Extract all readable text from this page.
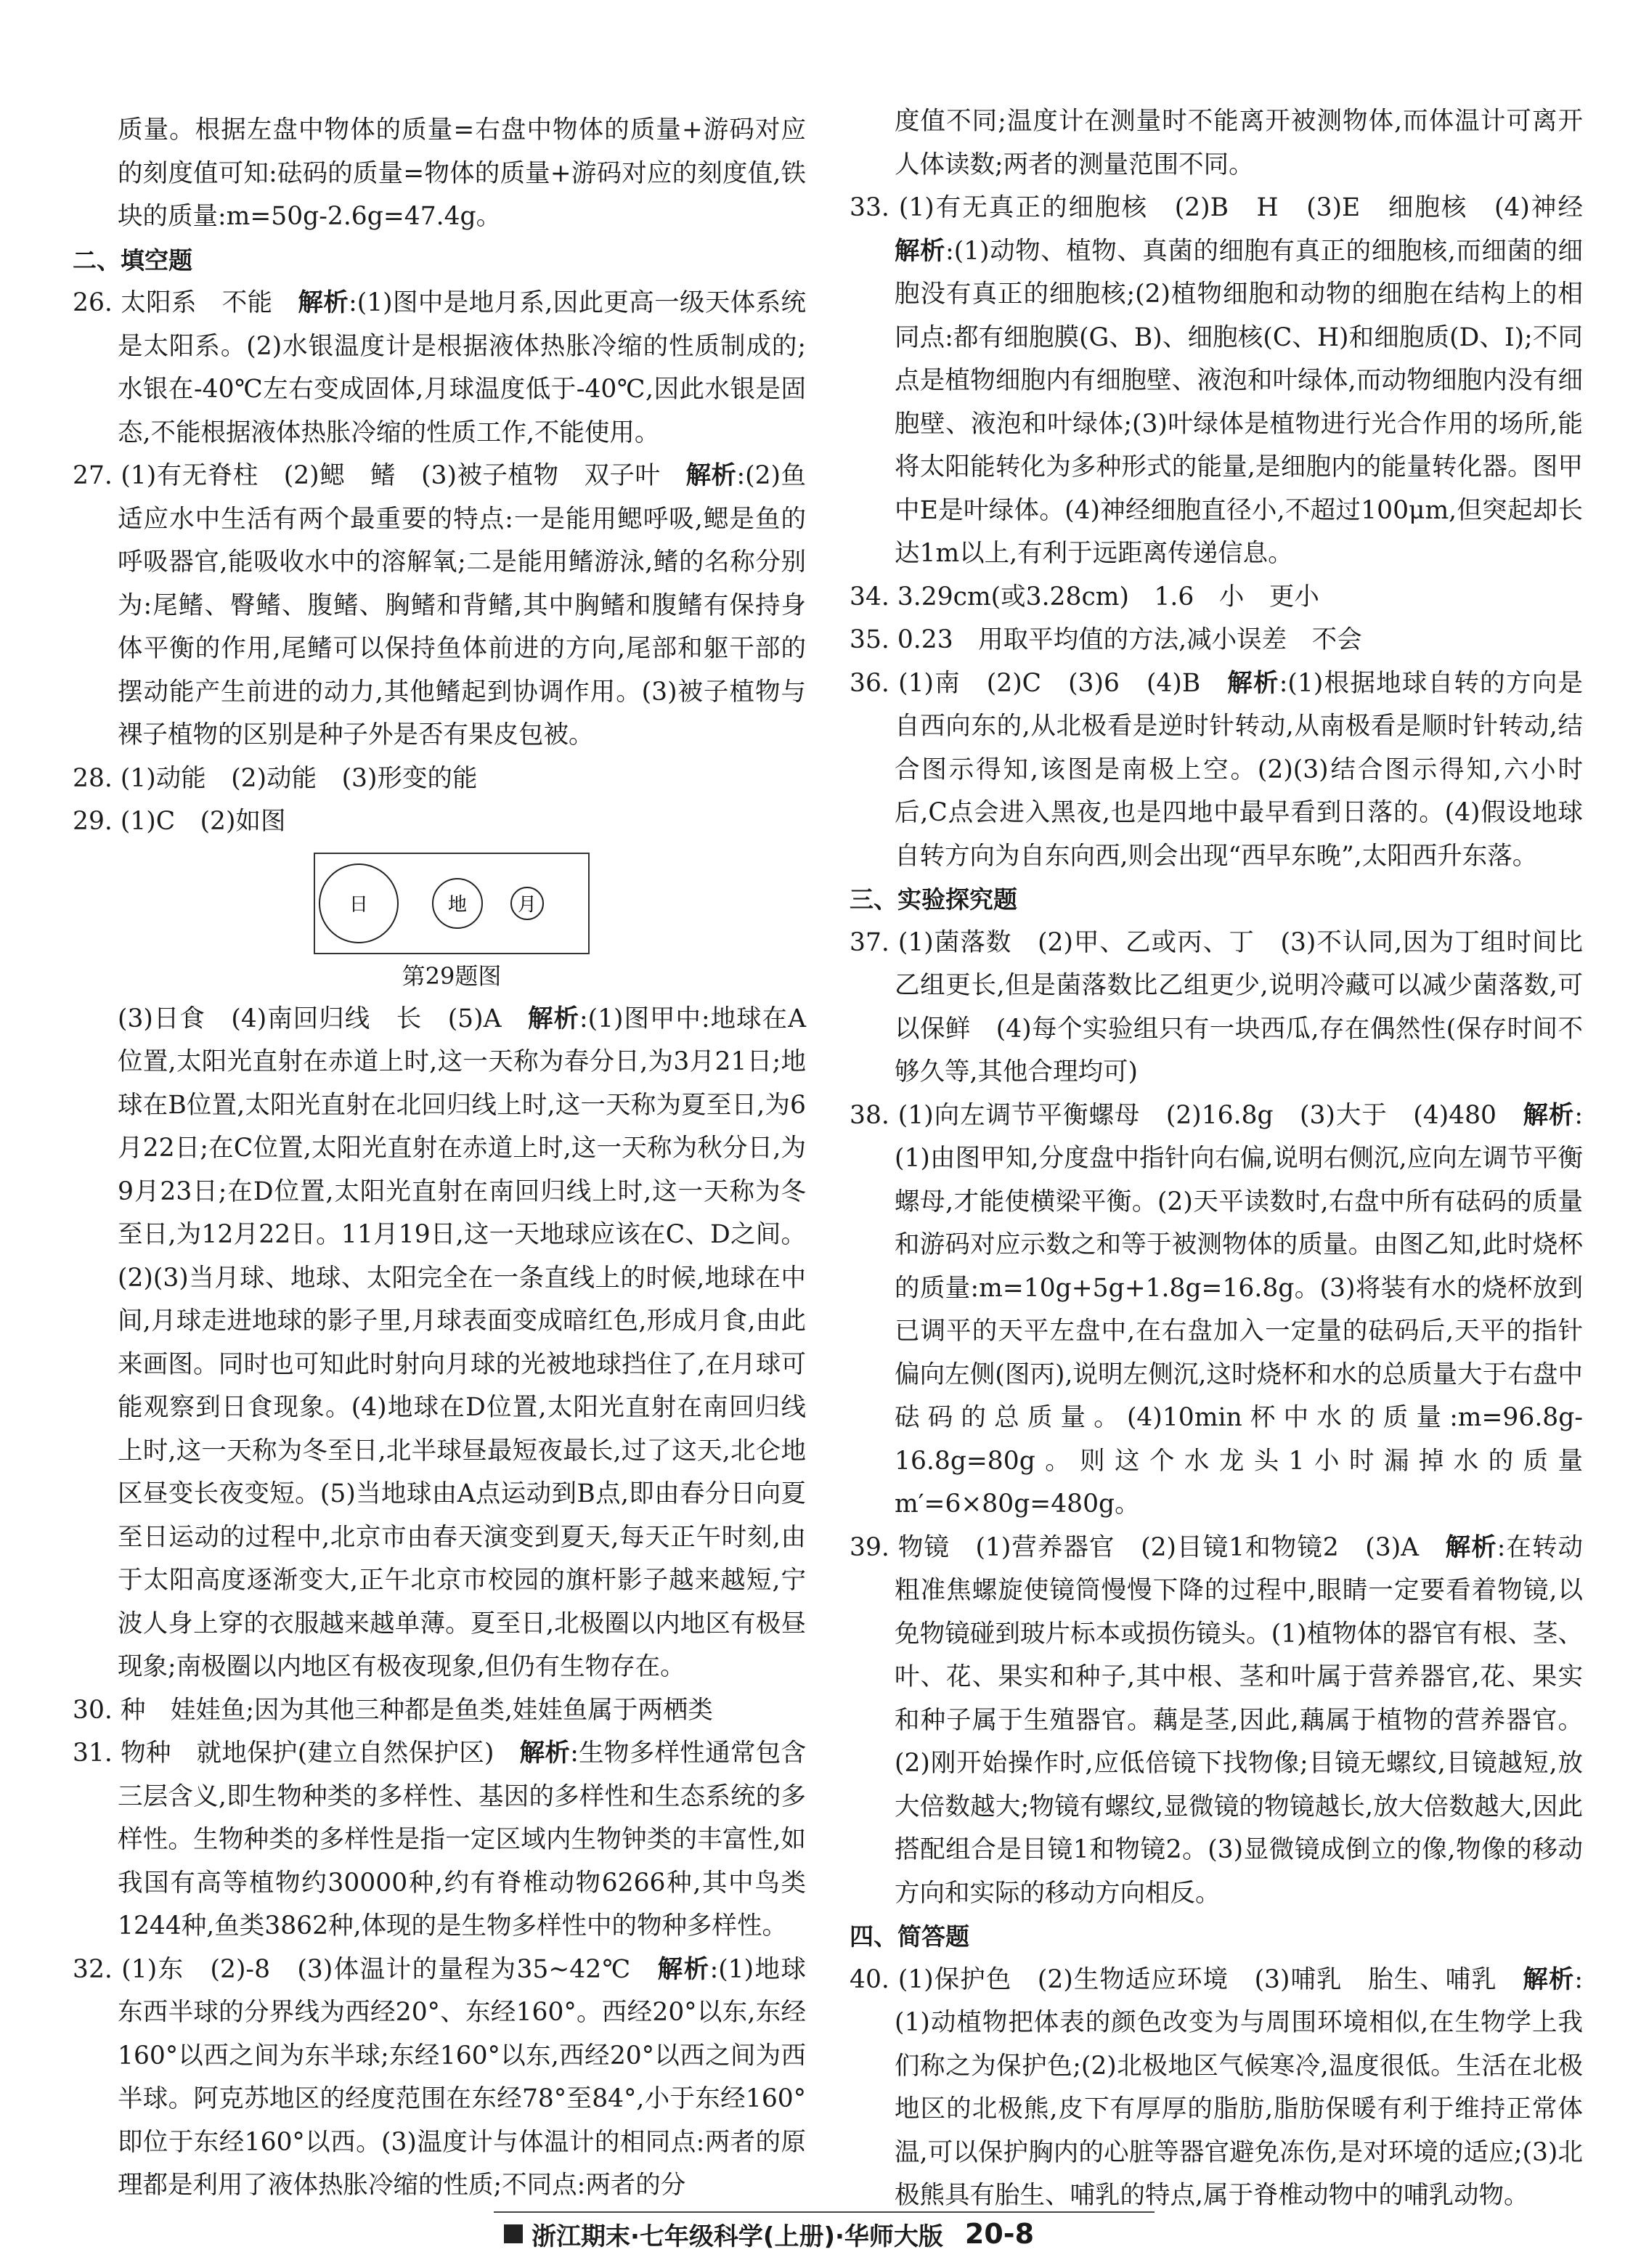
质量。根据左盘中物体的质量=右盘中物体的质量+游码对应的刻度值可知:砝码的质量=物体的质量+游码对应的刻度值,铁块的质量:m=50g-2.6g=47.4g。

二、填空题

26. 太阳系　不能　解析:(1)图中是地月系,因此更高一级天体系统是太阳系。(2)水银温度计是根据液体热胀冷缩的性质制成的;水银在-40℃左右变成固体,月球温度低于-40℃,因此水银是固态,不能根据液体热胀冷缩的性质工作,不能使用。

27. (1)有无脊柱　(2)鳃　鳍　(3)被子植物　双子叶　解析:(2)鱼适应水中生活有两个最重要的特点:一是能用鳃呼吸,鳃是鱼的呼吸器官,能吸收水中的溶解氧;二是能用鳍游泳,鳍的名称分别为:尾鳍、臀鳍、腹鳍、胸鳍和背鳍,其中胸鳍和腹鳍有保持身体平衡的作用,尾鳍可以保持鱼体前进的方向,尾部和躯干部的摆动能产生前进的动力,其他鳍起到协调作用。(3)被子植物与裸子植物的区别是种子外是否有果皮包被。

28. (1)动能　(2)动能　(3)形变的能

29. (1)C　(2)如图

日	地	月
第29题图

(3)日食　(4)南回归线　长　(5)A　解析:(1)图甲中:地球在A位置,太阳光直射在赤道上时,这一天称为春分日,为3月21日;地球在B位置,太阳光直射在北回归线上时,这一天称为夏至日,为6月22日;在C位置,太阳光直射在赤道上时,这一天称为秋分日,为9月23日;在D位置,太阳光直射在南回归线上时,这一天称为冬至日,为12月22日。11月19日,这一天地球应该在C、D之间。(2)(3)当月球、地球、太阳完全在一条直线上的时候,地球在中间,月球走进地球的影子里,月球表面变成暗红色,形成月食,由此来画图。同时也可知此时射向月球的光被地球挡住了,在月球可能观察到日食现象。(4)地球在D位置,太阳光直射在南回归线上时,这一天称为冬至日,北半球昼最短夜最长,过了这天,北仑地区昼变长夜变短。(5)当地球由A点运动到B点,即由春分日向夏至日运动的过程中,北京市由春天演变到夏天,每天正午时刻,由于太阳高度逐渐变大,正午北京市校园的旗杆影子越来越短,宁波人身上穿的衣服越来越单薄。夏至日,北极圈以内地区有极昼现象;南极圈以内地区有极夜现象,但仍有生物存在。

30. 种　娃娃鱼;因为其他三种都是鱼类,娃娃鱼属于两栖类

31. 物种　就地保护(建立自然保护区)　解析:生物多样性通常包含三层含义,即生物种类的多样性、基因的多样性和生态系统的多样性。生物种类的多样性是指一定区域内生物钟类的丰富性,如我国有高等植物约30000种,约有脊椎动物6266种,其中鸟类1244种,鱼类3862种,体现的是生物多样性中的物种多样性。

32. (1)东　(2)-8　(3)体温计的量程为35~42℃　解析:(1)地球东西半球的分界线为西经20°、东经160°。西经20°以东,东经160°以西之间为东半球;东经160°以东,西经20°以西之间为西半球。阿克苏地区的经度范围在东经78°至84°,小于东经160°即位于东经160°以西。(3)温度计与体温计的相同点:两者的原理都是利用了液体热胀冷缩的性质;不同点:两者的分

度值不同;温度计在测量时不能离开被测物体,而体温计可离开人体读数;两者的测量范围不同。

33. (1)有无真正的细胞核　(2)B　H　(3)E　细胞核　(4)神经　解析:(1)动物、植物、真菌的细胞有真正的细胞核,而细菌的细胞没有真正的细胞核;(2)植物细胞和动物的细胞在结构上的相同点:都有细胞膜(G、B)、细胞核(C、H)和细胞质(D、I);不同点是植物细胞内有细胞壁、液泡和叶绿体,而动物细胞内没有细胞壁、液泡和叶绿体;(3)叶绿体是植物进行光合作用的场所,能将太阳能转化为多种形式的能量,是细胞内的能量转化器。图甲中E是叶绿体。(4)神经细胞直径小,不超过100μm,但突起却长达1m以上,有利于远距离传递信息。

34. 3.29cm(或3.28cm)　1.6　小　更小

35. 0.23　用取平均值的方法,减小误差　不会

36. (1)南　(2)C　(3)6　(4)B　解析:(1)根据地球自转的方向是自西向东的,从北极看是逆时针转动,从南极看是顺时针转动,结合图示得知,该图是南极上空。(2)(3)结合图示得知,六小时后,C点会进入黑夜,也是四地中最早看到日落的。(4)假设地球自转方向为自东向西,则会出现“西早东晚”,太阳西升东落。

三、实验探究题

37. (1)菌落数　(2)甲、乙或丙、丁　(3)不认同,因为丁组时间比乙组更长,但是菌落数比乙组更少,说明冷藏可以减少菌落数,可以保鲜　(4)每个实验组只有一块西瓜,存在偶然性(保存时间不够久等,其他合理均可)

38. (1)向左调节平衡螺母　(2)16.8g　(3)大于　(4)480　解析:(1)由图甲知,分度盘中指针向右偏,说明右侧沉,应向左调节平衡螺母,才能使横梁平衡。(2)天平读数时,右盘中所有砝码的质量和游码对应示数之和等于被测物体的质量。由图乙知,此时烧杯的质量:m=10g+5g+1.8g=16.8g。(3)将装有水的烧杯放到已调平的天平左盘中,在右盘加入一定量的砝码后,天平的指针偏向左侧(图丙),说明左侧沉,这时烧杯和水的总质量大于右盘中砝码的总质量。(4)10min杯中水的质量:m=96.8g-16.8g=80g。则这个水龙头1小时漏掉水的质量m′=6×80g=480g。

39. 物镜　(1)营养器官　(2)目镜1和物镜2　(3)A　解析:在转动粗准焦螺旋使镜筒慢慢下降的过程中,眼睛一定要看着物镜,以免物镜碰到玻片标本或损伤镜头。(1)植物体的器官有根、茎、叶、花、果实和种子,其中根、茎和叶属于营养器官,花、果实和种子属于生殖器官。藕是茎,因此,藕属于植物的营养器官。(2)刚开始操作时,应低倍镜下找物像;目镜无螺纹,目镜越短,放大倍数越大;物镜有螺纹,显微镜的物镜越长,放大倍数越大,因此搭配组合是目镜1和物镜2。(3)显微镜成倒立的像,物像的移动方向和实际的移动方向相反。

四、简答题

40. (1)保护色　(2)生物适应环境　(3)哺乳　胎生、哺乳　解析:(1)动植物把体表的颜色改变为与周围环境相似,在生物学上我们称之为保护色;(2)北极地区气候寒冷,温度很低。生活在北极地区的北极熊,皮下有厚厚的脂肪,脂肪保暖有利于维持正常体温,可以保护胸内的心脏等器官避免冻伤,是对环境的适应;(3)北极熊具有胎生、哺乳的特点,属于脊椎动物中的哺乳动物。

浙江期末·七年级科学(上册)·华师大版 20-8
